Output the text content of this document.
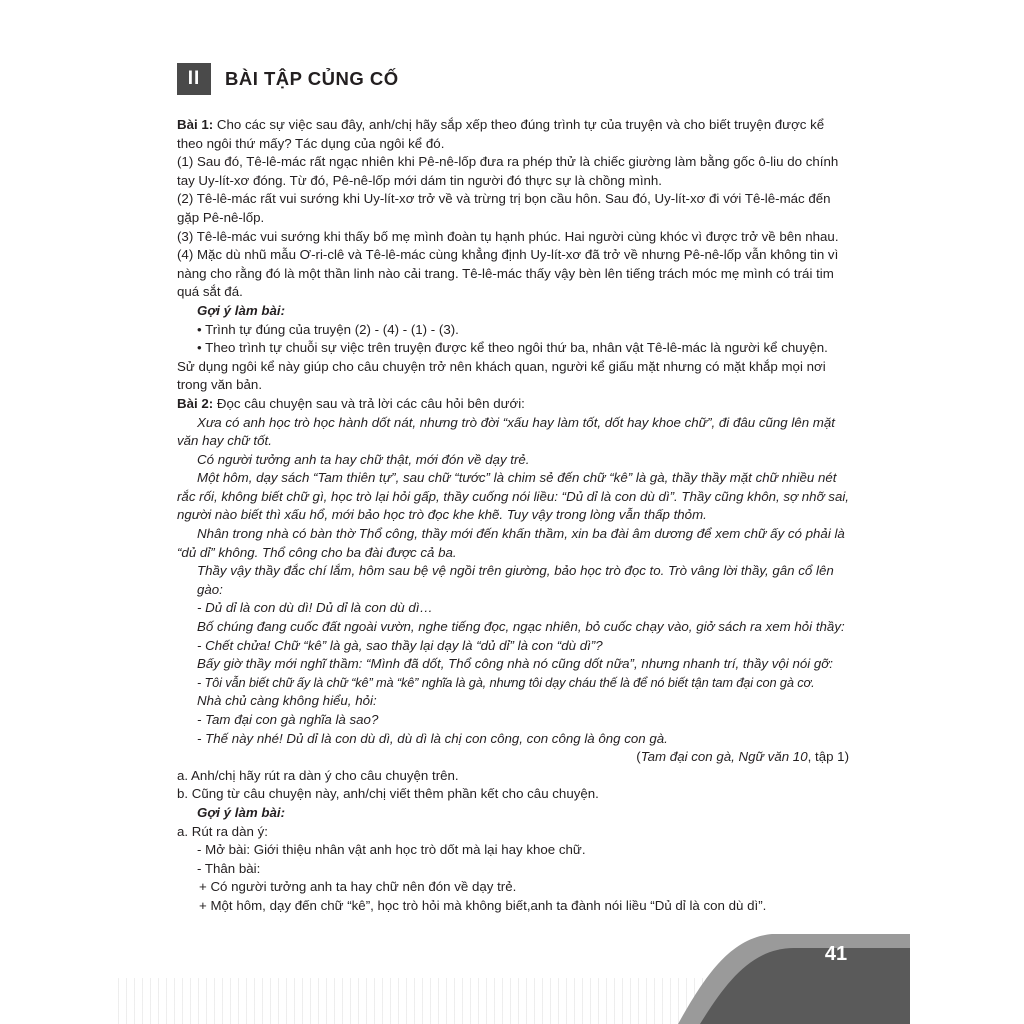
II	BÀI TẬP CỦNG CỐ

Bài 1: Cho các sự việc sau đây, anh/chị hãy sắp xếp theo đúng trình tự của truyện và cho biết truyện được kể theo ngôi thứ mấy? Tác dụng của ngôi kể đó.

(1) Sau đó, Tê-lê-mác rất ngạc nhiên khi Pê-nê-lốp đưa ra phép thử là chiếc giường làm bằng gốc ô-liu do chính tay Uy-lít-xơ đóng. Từ đó, Pê-nê-lốp mới dám tin người đó thực sự là chồng mình.

(2) Tê-lê-mác rất vui sướng khi Uy-lít-xơ trở về và trừng trị bọn cầu hôn. Sau đó, Uy-lít-xơ đi với Tê-lê-mác đến gặp Pê-nê-lốp.

(3) Tê-lê-mác vui sướng khi thấy bố mẹ mình đoàn tụ hạnh phúc. Hai người cùng khóc vì được trở về bên nhau.

(4) Mặc dù nhũ mẫu Ơ-ri-clê và Tê-lê-mác cùng khẳng định Uy-lít-xơ đã trở về nhưng Pê-nê-lốp vẫn không tin vì nàng cho rằng đó là một thần linh nào cải trang. Tê-lê-mác thấy vậy bèn lên tiếng trách móc mẹ mình có trái tim quá sắt đá.

Gợi ý làm bài:

• Trình tự đúng của truyện (2) - (4) - (1) - (3).

• Theo trình tự chuỗi sự việc trên truyện được kể theo ngôi thứ ba, nhân vật Tê-lê-mác là người kể chuyện. Sử dụng ngôi kể này giúp cho câu chuyện trở nên khách quan, người kể giấu mặt nhưng có mặt khắp mọi nơi trong văn bản.

Bài 2: Đọc câu chuyện sau và trả lời các câu hỏi bên dưới:

Xưa có anh học trò học hành dốt nát, nhưng trò đời “xấu hay làm tốt, dốt hay khoe chữ”, đi đâu cũng lên mặt văn hay chữ tốt.

Có người tưởng anh ta hay chữ thật, mới đón về dạy trẻ.

Một hôm, dạy sách “Tam thiên tự”, sau chữ “tước” là chim sẻ đến chữ “kê” là gà, thầy thầy mặt chữ nhiều nét rắc rối, không biết chữ gì, học trò lại hỏi gấp, thầy cuống nói liều: “Dủ dỉ là con dù dì”. Thầy cũng khôn, sợ nhỡ sai, người nào biết thì xấu hổ, mới bảo học trò đọc khe khẽ. Tuy vậy trong lòng vẫn thấp thỏm.

Nhân trong nhà có bàn thờ Thổ công, thầy mới đến khấn thầm, xin ba đài âm dương để xem chữ ấy có phải là “dủ dỉ” không. Thổ công cho ba đài được cả ba.

Thầy vậy thầy đắc chí lắm, hôm sau bệ vệ ngồi trên giường, bảo học trò đọc to. Trò vâng lời thầy, gân cổ lên gào:

- Dủ dỉ là con dù dì! Dủ dỉ là con dù dì…

Bố chúng đang cuốc đất ngoài vườn, nghe tiếng đọc, ngạc nhiên, bỏ cuốc chạy vào, giở sách ra xem hỏi thầy:

- Chết chửa! Chữ “kê” là gà, sao thầy lại dạy là “dủ dỉ” là con “dù dì”?

Bấy giờ thầy mới nghĩ thầm: “Mình đã dốt, Thổ công nhà nó cũng dốt nữa”, nhưng nhanh trí, thầy vội nói gỡ:

- Tôi vẫn biết chữ ấy là chữ “kê” mà “kê” nghĩa là gà, nhưng tôi dạy cháu thế là để nó biết tận tam đại con gà cơ.

Nhà chủ càng không hiểu, hỏi:

- Tam đại con gà nghĩa là sao?

- Thế này nhé! Dủ dỉ là con dù dì, dù dì là chị con công, con công là ông con gà.

(Tam đại con gà, Ngữ văn 10, tập 1)

a. Anh/chị hãy rút ra dàn ý cho câu chuyện trên.

b. Cũng từ câu chuyện này, anh/chị viết thêm phần kết cho câu chuyện.

Gợi ý làm bài:

a. Rút ra dàn ý:

- Mở bài: Giới thiệu nhân vật anh học trò dốt mà lại hay khoe chữ.

- Thân bài:

+ Có người tưởng anh ta hay chữ nên đón về dạy trẻ.

+ Một hôm, dạy đến chữ “kê”, học trò hỏi mà không biết,anh ta đành nói liều “Dủ dỉ là con dù dì”.

41
